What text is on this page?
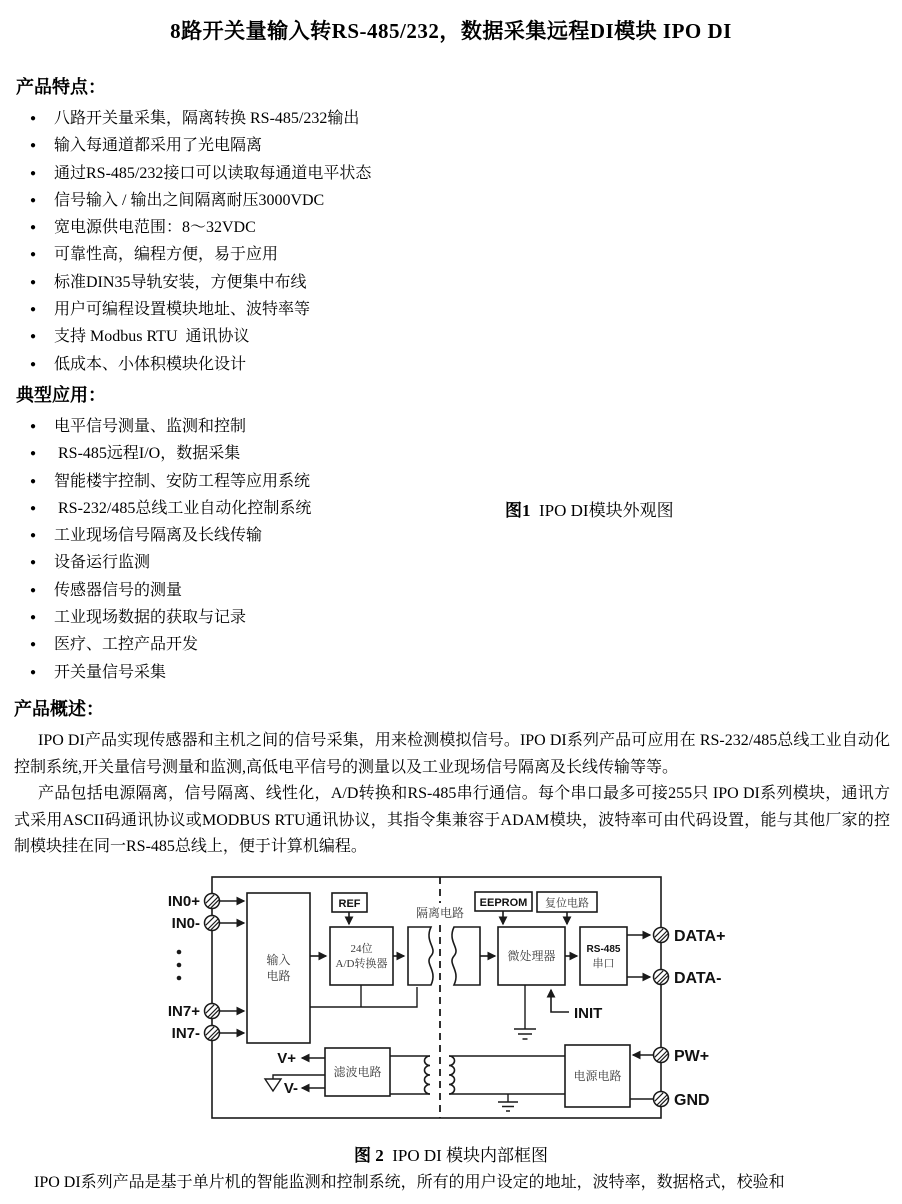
8路开关量输入转RS-485/232，数据采集远程DI模块 IPO DI
产品特点：
●	八路开关量采集，隔离转换 RS-485/232输出
●	输入每通道都采用了光电隔离
●	通过RS-485/232接口可以读取每通道电平状态
●	信号输入 / 输出之间隔离耐压3000VDC
●	宽电源供电范围：8～32VDC
●	可靠性高，编程方便，易于应用
●	标准DIN35导轨安装，方便集中布线
●	用户可编程设置模块地址、波特率等
●	支持 Modbus RTU  通讯协议
●	低成本、小体积模块化设计
典型应用：
●	电平信号测量、监测和控制
●	RS-485远程I/O，数据采集
●	智能楼宇控制、安防工程等应用系统
●	RS-232/485总线工业自动化控制系统
●	工业现场信号隔离及长线传输
●	设备运行监测
●	传感器信号的测量
●	工业现场数据的获取与记录
●	医疗、工控产品开发
●	开关量信号采集
图1 IPO DI模块外观图
产品概述：

IPO DI产品实现传感器和主机之间的信号采集，用来检测模拟信号。IPO DI系列产品可应用在 RS-232/485总线工业自动化控制系统,开关量信号测量和监测,高低电平信号的测量以及工业现场信号隔离及长线传输等等。

产品包括电源隔离，信号隔离、线性化，A/D转换和RS-485串行通信。每个串口最多可接255只 IPO DI系列模块，通讯方式采用ASCII码通讯协议或MODBUS RTU通讯协议，其指令集兼容于ADAM模块，波特率可由代码设置，能与其他厂家的控制模块挂在同一RS-485总线上，便于计算机编程。

输入
电路
REF
24位
A/D转换器
隔离电路
EEPROM 复位电路
微处理器	RS-485
串口
INIT
滤波电路
V+
V-
电源电路
IN0+
IN0-
IN7+
IN7-
DATA+
DATA-
PW+
GND
图 2 IPO DI 模块内部框图
IPO DI系列产品是基于单片机的智能监测和控制系统，所有的用户设定的地址，波特率，数据格式，校验和
